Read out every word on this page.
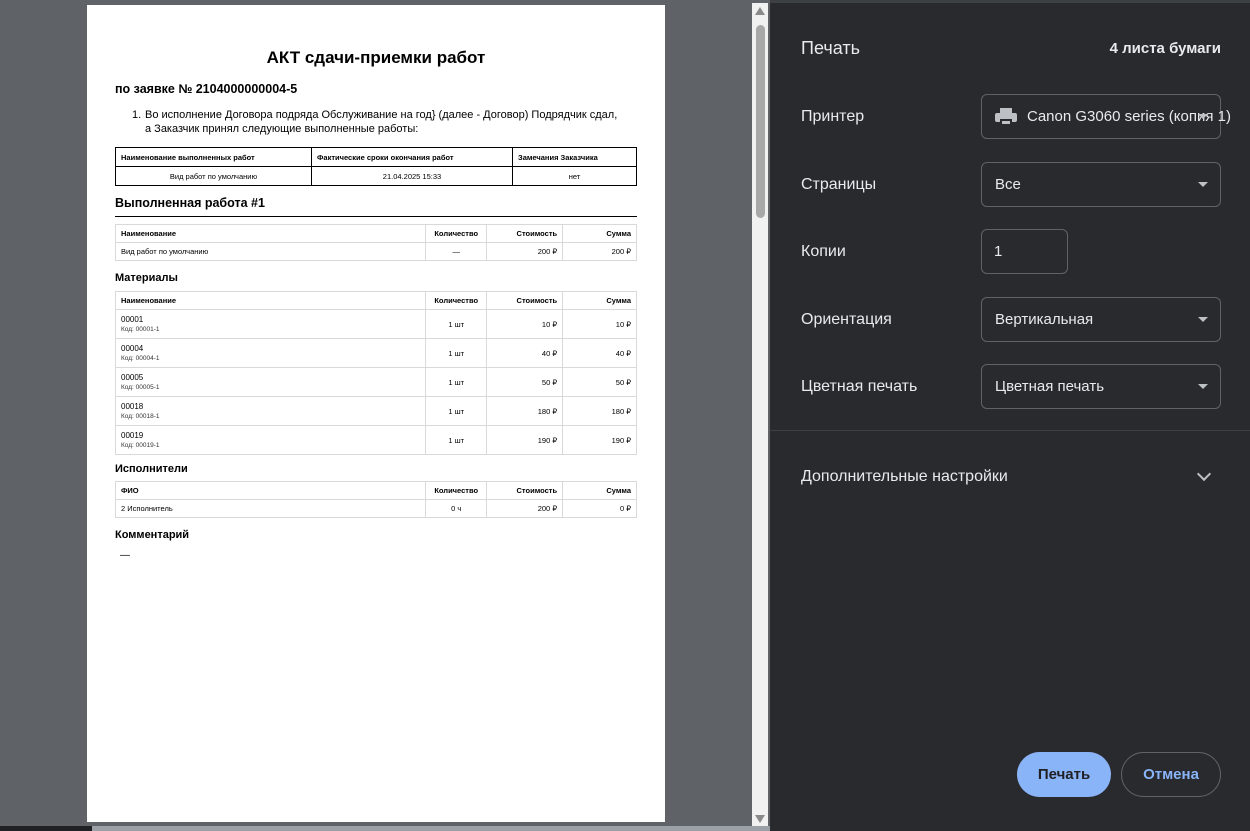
АКТ сдачи-приемки работ
по заявке № 2104000000004-5
1. Во исполнение Договора подряда Обслуживание на год} (далее - Договор) Подрядчик сдал, а Заказчик принял следующие выполненные работы:
Наименование выполненных работ	Фактические сроки окончания работ	Замечания Заказчика
Вид работ по умолчанию	21.04.2025 15:33	нет
Выполненная работа #1
Наименование	Количество	Стоимость	Сумма
Вид работ по умолчанию	—	200 ₽	200 ₽
Материалы
Наименование	Количество	Стоимость	Сумма

00001
Код: 00001-1	1 шт	10 ₽	10 ₽

00004
Код: 00004-1	1 шт	40 ₽	40 ₽

00005
Код: 00005-1	1 шт	50 ₽	50 ₽

00018
Код: 00018-1	1 шт	180 ₽	180 ₽

00019
Код: 00019-1	1 шт	190 ₽	190 ₽
Исполнители
ФИО	Количество	Стоимость	Сумма
2 Исполнитель	0 ч	200 ₽	0 ₽
Комментарий
—
Печать	4 листа бумаги
Принтер	Canon G3060 series (копия 1)
Страницы	Все
Копии	1
Ориентация	Вертикальная
Цветная печать	Цветная печать
Дополнительные настройки
Печать	Отмена
